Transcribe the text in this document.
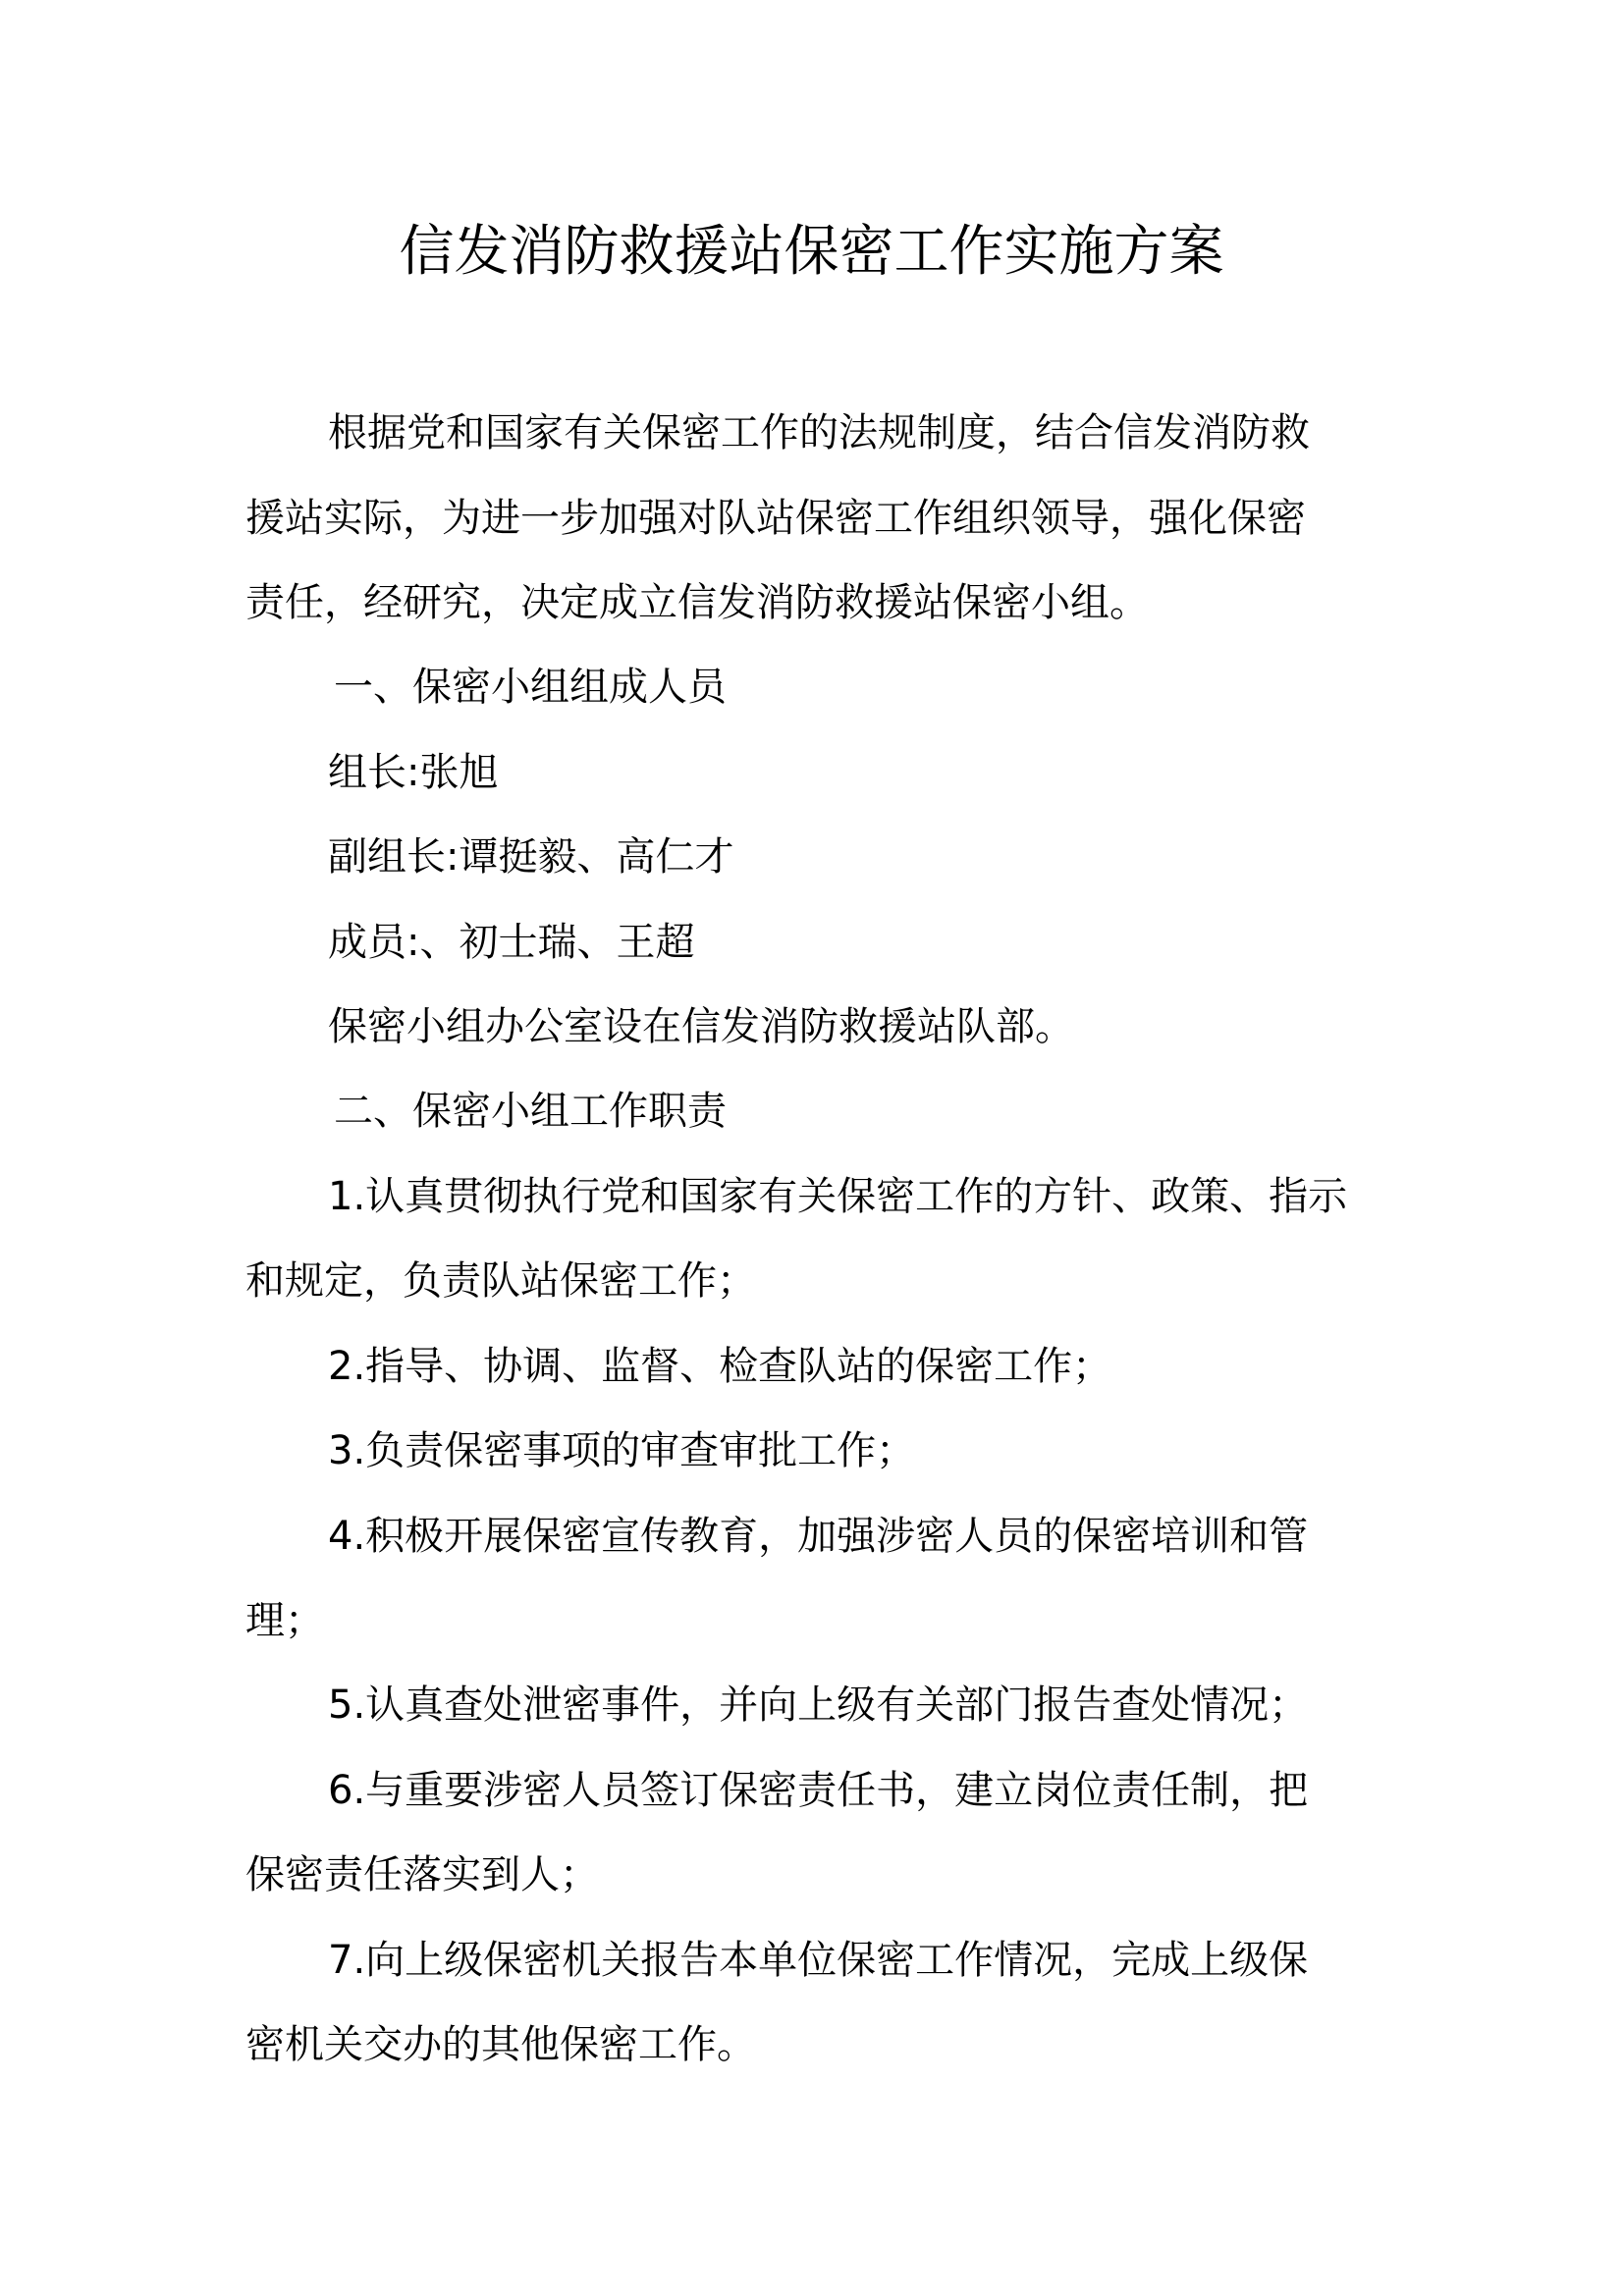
信发消防救援站保密工作实施方案
根据党和国家有关保密工作的法规制度，结合信发消防救
援站实际，为进一步加强对队站保密工作组织领导，强化保密
责任，经研究，决定成立信发消防救援站保密小组。
一、保密小组组成人员
组长:张旭
副组长:谭挺毅、高仁才
成员:、初士瑞、王超
保密小组办公室设在信发消防救援站队部。
二、保密小组工作职责
1.认真贯彻执行党和国家有关保密工作的方针、政策、指示
和规定，负责队站保密工作；
2.指导、协调、监督、检查队站的保密工作；
3.负责保密事项的审查审批工作；
4.积极开展保密宣传教育，加强涉密人员的保密培训和管
理；
5.认真查处泄密事件，并向上级有关部门报告查处情况；
6.与重要涉密人员签订保密责任书，建立岗位责任制，把
保密责任落实到人；
7.向上级保密机关报告本单位保密工作情况，完成上级保
密机关交办的其他保密工作。
